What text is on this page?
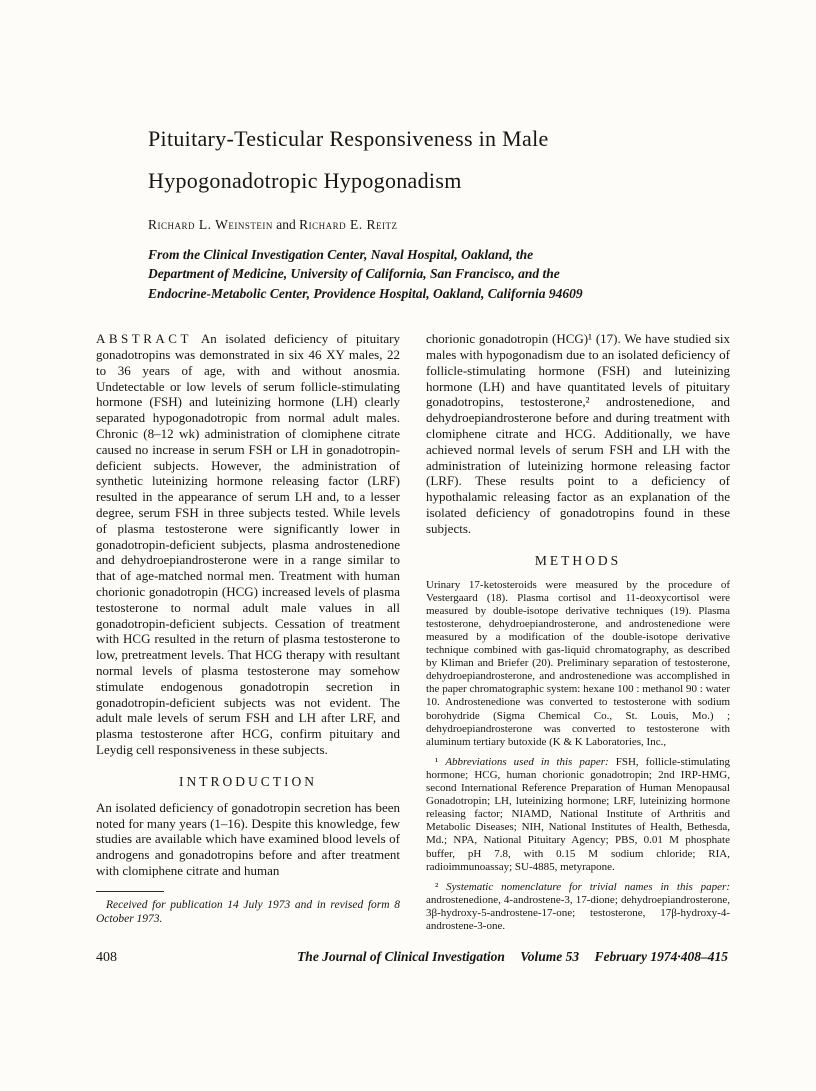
Pituitary-Testicular Responsiveness in Male
Hypogonadotropic Hypogonadism
Richard L. Weinstein and Richard E. Reitz
From the Clinical Investigation Center, Naval Hospital, Oakland, the Department of Medicine, University of California, San Francisco, and the Endocrine-Metabolic Center, Providence Hospital, Oakland, California 94609

ABSTRACT An isolated deficiency of pituitary gonadotropins was demonstrated in six 46 XY males, 22 to 36 years of age, with and without anosmia. Undetectable or low levels of serum follicle-stimulating hormone (FSH) and luteinizing hormone (LH) clearly separated hypogonadotropic from normal adult males. Chronic (8–12 wk) administration of clomiphene citrate caused no increase in serum FSH or LH in gonadotropin-deficient subjects. However, the administration of synthetic luteinizing hormone releasing factor (LRF) resulted in the appearance of serum LH and, to a lesser degree, serum FSH in three subjects tested. While levels of plasma testosterone were significantly lower in gonadotropin-deficient subjects, plasma androstenedione and dehydroepiandrosterone were in a range similar to that of age-matched normal men. Treatment with human chorionic gonadotropin (HCG) increased levels of plasma testosterone to normal adult male values in all gonadotropin-deficient subjects. Cessation of treatment with HCG resulted in the return of plasma testosterone to low, pretreatment levels. That HCG therapy with resultant normal levels of plasma testosterone may somehow stimulate endogenous gonadotropin secretion in gonadotropin-deficient subjects was not evident. The adult male levels of serum FSH and LH after LRF, and plasma testosterone after HCG, confirm pituitary and Leydig cell responsiveness in these subjects.

INTRODUCTION

An isolated deficiency of gonadotropin secretion has been noted for many years (1–16). Despite this knowledge, few studies are available which have examined blood levels of androgens and gonadotropins before and after treatment with clomiphene citrate and human

Received for publication 14 July 1973 and in revised form 8 October 1973.

chorionic gonadotropin (HCG)¹ (17). We have studied six males with hypogonadism due to an isolated deficiency of follicle-stimulating hormone (FSH) and luteinizing hormone (LH) and have quantitated levels of pituitary gonadotropins, testosterone,² androstenedione, and dehydroepiandrosterone before and during treatment with clomiphene citrate and HCG. Additionally, we have achieved normal levels of serum FSH and LH with the administration of luteinizing hormone releasing factor (LRF). These results point to a deficiency of hypothalamic releasing factor as an explanation of the isolated deficiency of gonadotropins found in these subjects.

METHODS

Urinary 17-ketosteroids were measured by the procedure of Vestergaard (18). Plasma cortisol and 11-deoxycortisol were measured by double-isotope derivative techniques (19). Plasma testosterone, dehydroepiandrosterone, and androstenedione were measured by a modification of the double-isotope derivative technique combined with gas-liquid chromatography, as described by Kliman and Briefer (20). Preliminary separation of testosterone, dehydroepiandrosterone, and androstenedione was accomplished in the paper chromatographic system: hexane 100 : methanol 90 : water 10. Androstenedione was converted to testosterone with sodium borohydride (Sigma Chemical Co., St. Louis, Mo.) ; dehydroepiandrosterone was converted to testosterone with aluminum tertiary butoxide (K & K Laboratories, Inc.,

¹ Abbreviations used in this paper: FSH, follicle-stimulating hormone; HCG, human chorionic gonadotropin; 2nd IRP-HMG, second International Reference Preparation of Human Menopausal Gonadotropin; LH, luteinizing hormone; LRF, luteinizing hormone releasing factor; NIAMD, National Institute of Arthritis and Metabolic Diseases; NIH, National Institutes of Health, Bethesda, Md.; NPA, National Pituitary Agency; PBS, 0.01 M phosphate buffer, pH 7.8, with 0.15 M sodium chloride; RIA, radioimmunoassay; SU-4885, metyrapone.

² Systematic nomenclature for trivial names in this paper: androstenedione, 4-androstene-3, 17-dione; dehydroepiandrosterone, 3β-hydroxy-5-androstene-17-one; testosterone, 17β-hydroxy-4-androstene-3-one.

408	The Journal of Clinical Investigation Volume 53 February 1974·408–415
